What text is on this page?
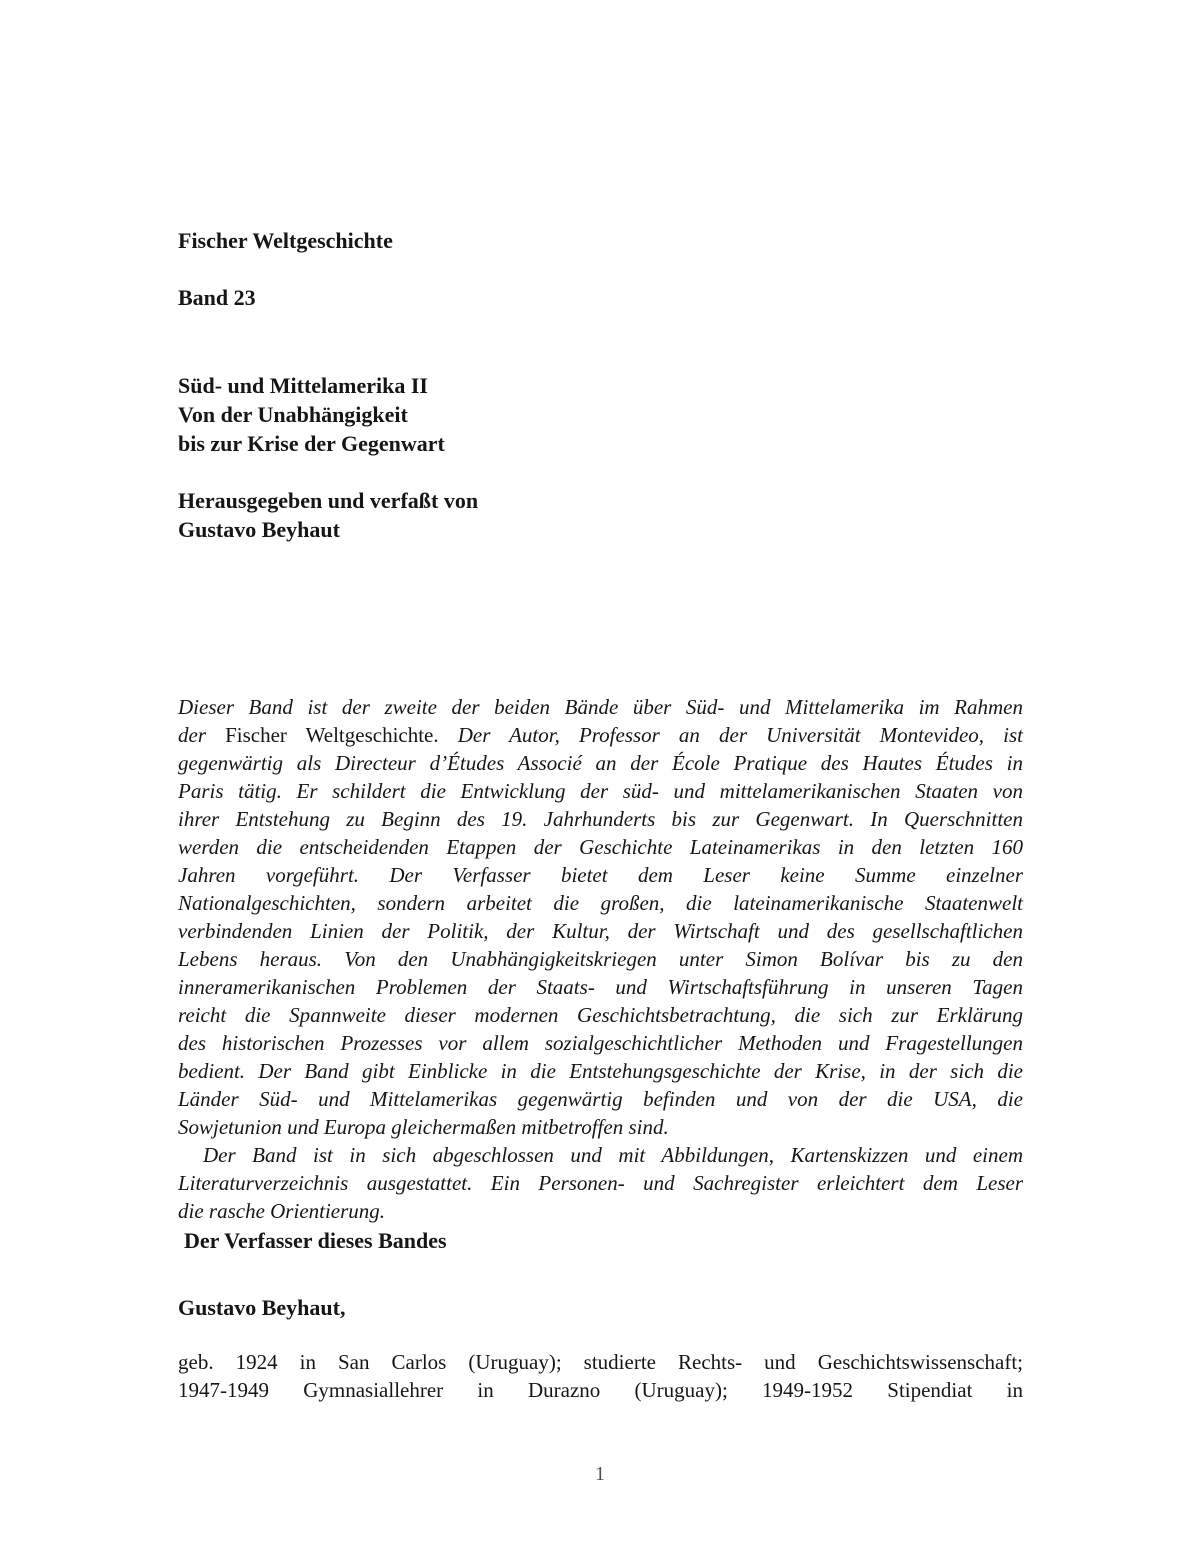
Fischer Weltgeschichte
Band 23
Süd- und Mittelamerika II
Von der Unabhängigkeit
bis zur Krise der Gegenwart
Herausgegeben und verfaßt von
Gustavo Beyhaut
Dieser Band ist der zweite der beiden Bände über Süd- und Mittelamerika im Rahmen
der Fischer Weltgeschichte. Der Autor, Professor an der Universität Montevideo, ist
gegenwärtig als Directeur d’Études Associé an der École Pratique des Hautes Études in
Paris tätig. Er schildert die Entwicklung der süd- und mittelamerikanischen Staaten von
ihrer Entstehung zu Beginn des 19. Jahrhunderts bis zur Gegenwart. In Querschnitten
werden die entscheidenden Etappen der Geschichte Lateinamerikas in den letzten 160
Jahren vorgeführt. Der Verfasser bietet dem Leser keine Summe einzelner
Nationalgeschichten, sondern arbeitet die großen, die lateinamerikanische Staatenwelt
verbindenden Linien der Politik, der Kultur, der Wirtschaft und des gesellschaftlichen
Lebens heraus. Von den Unabhängigkeitskriegen unter Simon Bolívar bis zu den
inneramerikanischen Problemen der Staats- und Wirtschaftsführung in unseren Tagen
reicht die Spannweite dieser modernen Geschichtsbetrachtung, die sich zur Erklärung
des historischen Prozesses vor allem sozialgeschichtlicher Methoden und Fragestellungen
bedient. Der Band gibt Einblicke in die Entstehungsgeschichte der Krise, in der sich die
Länder Süd- und Mittelamerikas gegenwärtig befinden und von der die USA, die
Sowjetunion und Europa gleichermaßen mitbetroffen sind.
Der Band ist in sich abgeschlossen und mit Abbildungen, Kartenskizzen und einem
Literaturverzeichnis ausgestattet. Ein Personen- und Sachregister erleichtert dem Leser
die rasche Orientierung.
Der Verfasser dieses Bandes
Gustavo Beyhaut,
geb. 1924 in San Carlos (Uruguay); studierte Rechts- und Geschichtswissenschaft;
1947-1949 Gymnasiallehrer in Durazno (Uruguay); 1949-1952 Stipendiat in
1
